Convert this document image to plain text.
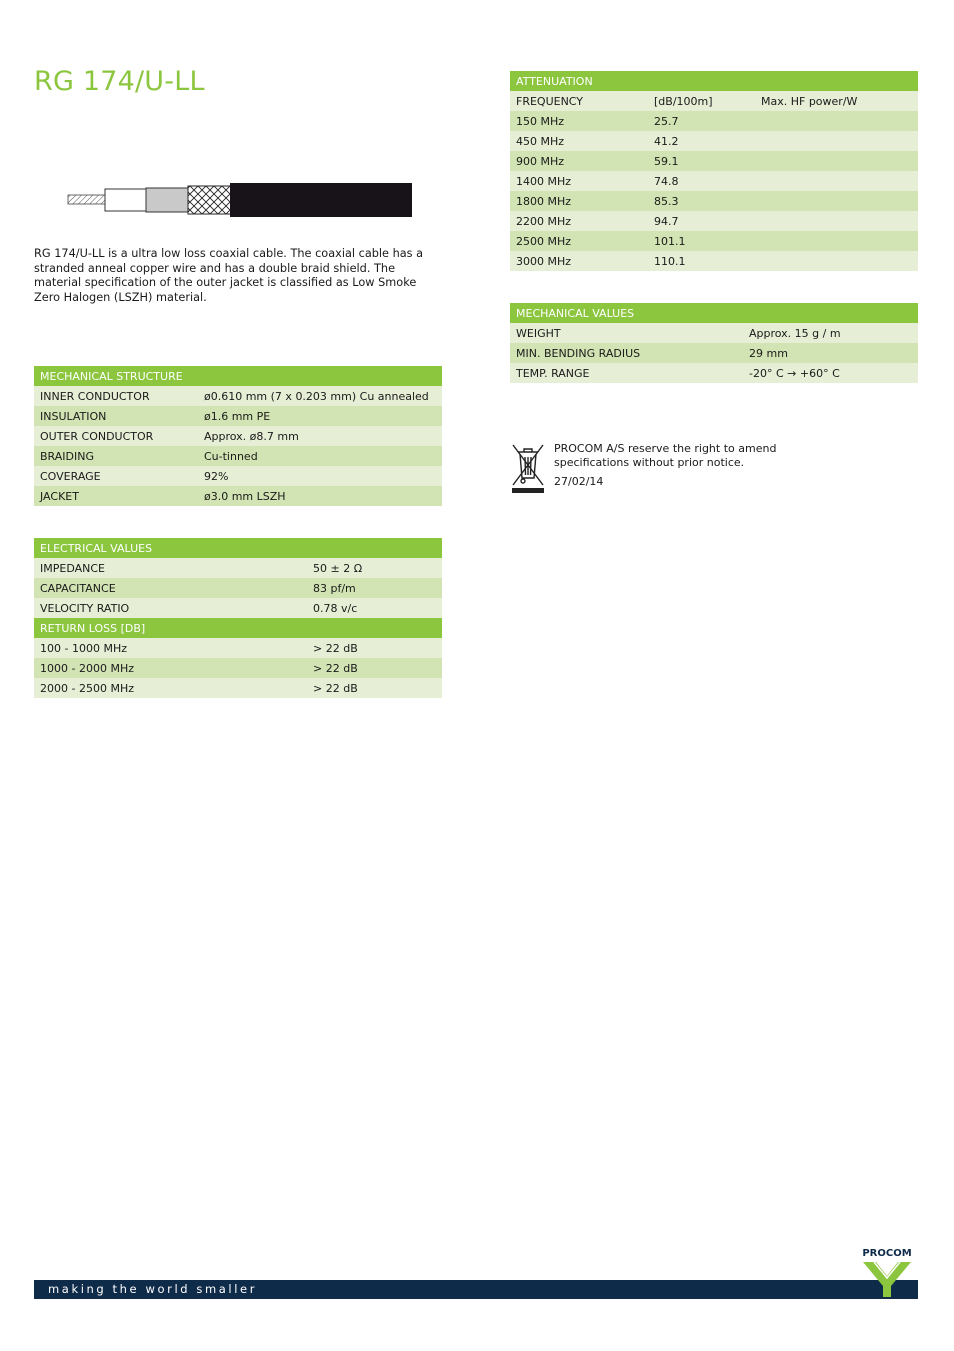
RG 174/U-LL

RG 174/U-LL is a ultra low loss coaxial cable. The coaxial cable has a stranded anneal copper wire and has a double braid shield. The material specification of the outer jacket is classified as Low Smoke Zero Halogen (LSZH) material.

MECHANICAL STRUCTURE	
INNER CONDUCTOR	ø0.610 mm (7 x 0.203 mm) Cu annealed
INSULATION	ø1.6 mm PE
OUTER CONDUCTOR	Approx. ø8.7 mm
BRAIDING	Cu-tinned
COVERAGE	92%
JACKET	ø3.0 mm LSZH
ELECTRICAL VALUES	
IMPEDANCE	50 ± 2 Ω
CAPACITANCE	83 pf/m
VELOCITY RATIO	0.78 v/c
RETURN LOSS [DB]	
100 - 1000 MHz	> 22 dB
1000 - 2000 MHz	> 22 dB
2000 - 2500 MHz	> 22 dB
ATTENUATION		
FREQUENCY	[dB/100m]	Max. HF power/W
150 MHz	25.7	
450 MHz	41.2	
900 MHz	59.1	
1400 MHz	74.8	
1800 MHz	85.3	
2200 MHz	94.7	
2500 MHz	101.1	
3000 MHz	110.1	
MECHANICAL VALUES	
WEIGHT	Approx. 15 g / m
MIN. BENDING RADIUS	29 mm
TEMP. RANGE	-20° C → +60° C
PROCOM A/S reserve the right to amend specifications without prior notice.
27/02/14
making the world smaller
PROCOM
